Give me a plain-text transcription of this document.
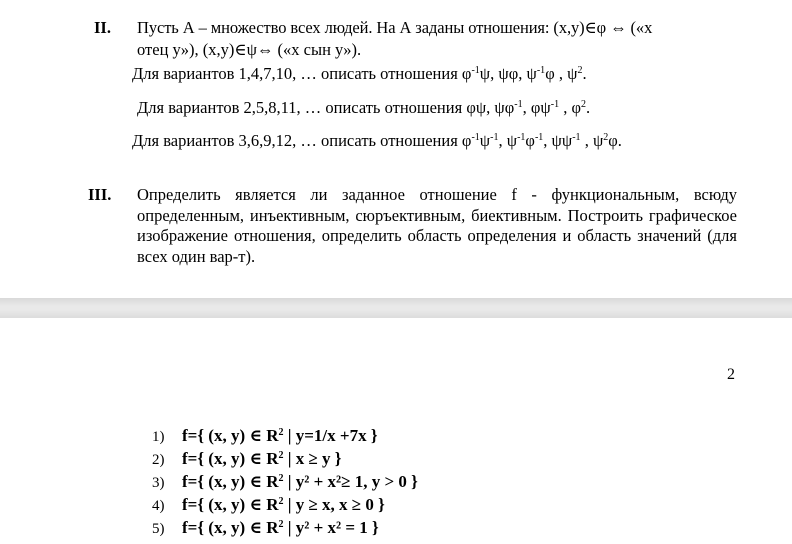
II. Пусть А – множество всех людей. На А заданы отношения: (x,y)∈φ ⇔ («x
отец y»), (x,y)∈ψ⇔ («x сын y»).
Для вариантов 1,4,7,10, … описать отношения $\varphi^{-1}\psi$, ψφ, $\psi^{-1}\varphi$ , $\psi^2$.
Для вариантов 2,5,8,11, … описать отношения φψ, $\psi\varphi^{-1}$, $\varphi\psi^{-1}$ , $\varphi^2$.
Для вариантов 3,6,9,12, … описать отношения $\varphi^{-1}\psi^{-1}$, $\psi^{-1}\varphi^{-1}$, $\psi\psi^{-1}$ , $\psi^2\varphi$.
III. Определить является ли заданное отношение f - функциональным, всюду определенным, инъективным, сюръективным, биективным. Построить графическое изображение отношения, определить область определения и область значений (для всех один вар-т).
2
1) f={ (x, y) ∈ $R^2$ | y=1/x +7x }
2) f={ (x, y) ∈ $R^2$ | x ≥ y }
3) f={ (x, y) ∈ $R^2$ | y² + x²≥ 1, y > 0 }
4) f={ (x, y) ∈ $R^2$ | y ≥ x, x ≥ 0 }
5) f={ (x, y) ∈ $R^2$ | y² + x² = 1 }
